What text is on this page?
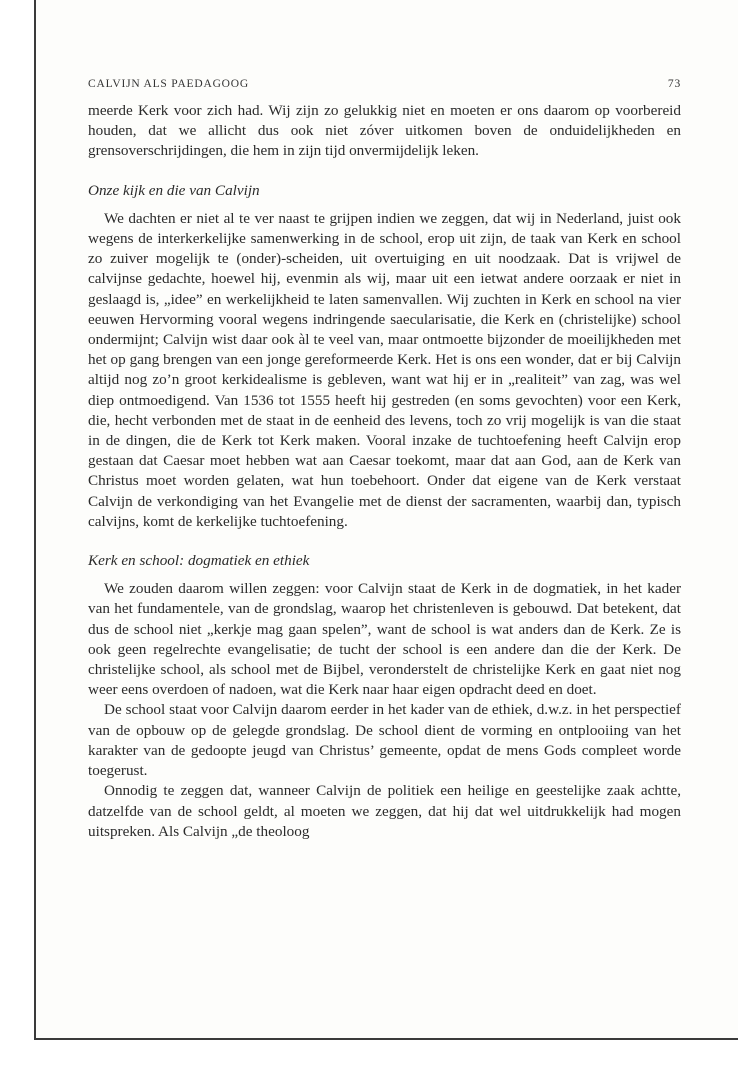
CALVIJN ALS PAEDAGOOG	73

meerde Kerk voor zich had. Wij zijn zo gelukkig niet en moeten er ons daarom op voorbereid houden, dat we allicht dus ook niet zóver uitkomen boven de onduidelijkheden en grensoverschrijdingen, die hem in zijn tijd onvermijdelijk leken.

Onze kijk en die van Calvijn

We dachten er niet al te ver naast te grijpen indien we zeggen, dat wij in Nederland, juist ook wegens de interkerkelijke samenwerking in de school, erop uit zijn, de taak van Kerk en school zo zuiver mogelijk te (onder)-scheiden, uit overtuiging en uit noodzaak. Dat is vrijwel de calvijnse gedachte, hoewel hij, evenmin als wij, maar uit een ietwat andere oorzaak er niet in geslaagd is, „idee” en werkelijkheid te laten samenvallen. Wij zuchten in Kerk en school na vier eeuwen Hervorming vooral wegens indringende saecularisatie, die Kerk en (christelijke) school ondermijnt; Calvijn wist daar ook àl te veel van, maar ontmoette bijzonder de moeilijkheden met het op gang brengen van een jonge gereformeerde Kerk. Het is ons een wonder, dat er bij Calvijn altijd nog zo’n groot kerkidealisme is gebleven, want wat hij er in „realiteit” van zag, was wel diep ontmoedigend. Van 1536 tot 1555 heeft hij gestreden (en soms gevochten) voor een Kerk, die, hecht verbonden met de staat in de eenheid des levens, toch zo vrij mogelijk is van die staat in de dingen, die de Kerk tot Kerk maken. Vooral inzake de tuchtoefening heeft Calvijn erop gestaan dat Caesar moet hebben wat aan Caesar toekomt, maar dat aan God, aan de Kerk van Christus moet worden gelaten, wat hun toebehoort. Onder dat eigene van de Kerk verstaat Calvijn de verkondiging van het Evangelie met de dienst der sacramenten, waarbij dan, typisch calvijns, komt de kerkelijke tuchtoefening.

Kerk en school: dogmatiek en ethiek

We zouden daarom willen zeggen: voor Calvijn staat de Kerk in de dogmatiek, in het kader van het fundamentele, van de grondslag, waarop het christenleven is gebouwd. Dat betekent, dat dus de school niet „kerkje mag gaan spelen”, want de school is wat anders dan de Kerk. Ze is ook geen regelrechte evangelisatie; de tucht der school is een andere dan die der Kerk. De christelijke school, als school met de Bijbel, veronderstelt de christelijke Kerk en gaat niet nog weer eens overdoen of nadoen, wat die Kerk naar haar eigen opdracht deed en doet.

De school staat voor Calvijn daarom eerder in het kader van de ethiek, d.w.z. in het perspectief van de opbouw op de gelegde grondslag. De school dient de vorming en ontplooiing van het karakter van de gedoopte jeugd van Christus’ gemeente, opdat de mens Gods compleet worde toegerust.

Onnodig te zeggen dat, wanneer Calvijn de politiek een heilige en geestelijke zaak achtte, datzelfde van de school geldt, al moeten we zeggen, dat hij dat wel uitdrukkelijk had mogen uitspreken. Als Calvijn „de theoloog
